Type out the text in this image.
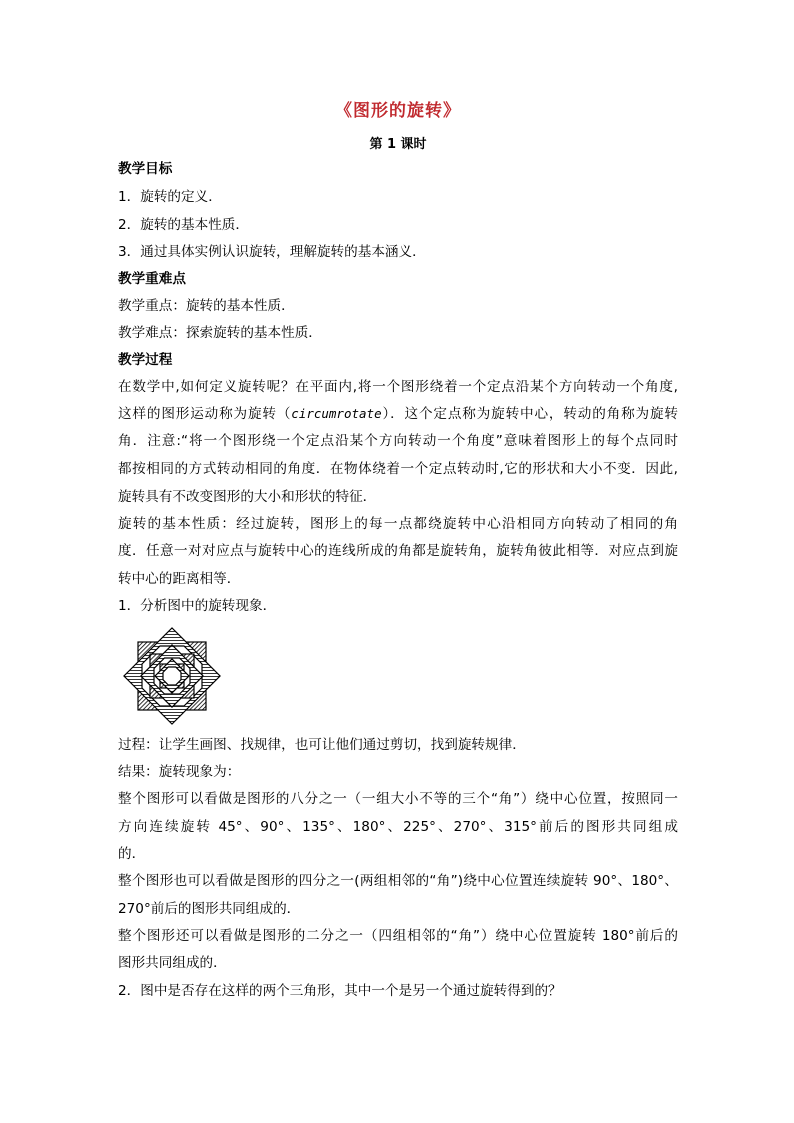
《图形的旋转》
第 1 课时
教学目标
1．旋转的定义．
2．旋转的基本性质．
3．通过具体实例认识旋转，理解旋转的基本涵义．
教学重难点
教学重点：旋转的基本性质．
教学难点：探索旋转的基本性质．
教学过程
在数学中,如何定义旋转呢？在平面内,将一个图形绕着一个定点沿某个方向转动一个角度,
这样的图形运动称为旋转（circumrotate）．这个定点称为旋转中心，转动的角称为旋转
角．注意:“将一个图形绕一个定点沿某个方向转动一个角度”意味着图形上的每个点同时
都按相同的方式转动相同的角度．在物体绕着一个定点转动时,它的形状和大小不变．因此,
旋转具有不改变图形的大小和形状的特征．
旋转的基本性质：经过旋转，图形上的每一点都绕旋转中心沿相同方向转动了相同的角
度．任意一对对应点与旋转中心的连线所成的角都是旋转角，旋转角彼此相等．对应点到旋
转中心的距离相等．
1．分析图中的旋转现象．
过程：让学生画图、找规律，也可让他们通过剪切，找到旋转规律．
结果：旋转现象为：
整个图形可以看做是图形的八分之一（一组大小不等的三个“角”）绕中心位置，按照同一
方向连续旋转 45°、90°、135°、180°、225°、270°、315°前后的图形共同组成
的．
整个图形也可以看做是图形的四分之一(两组相邻的“角”)绕中心位置连续旋转 90°、180°、
270°前后的图形共同组成的．
整个图形还可以看做是图形的二分之一（四组相邻的“角”）绕中心位置旋转 180°前后的
图形共同组成的．
2．图中是否存在这样的两个三角形，其中一个是另一个通过旋转得到的？
